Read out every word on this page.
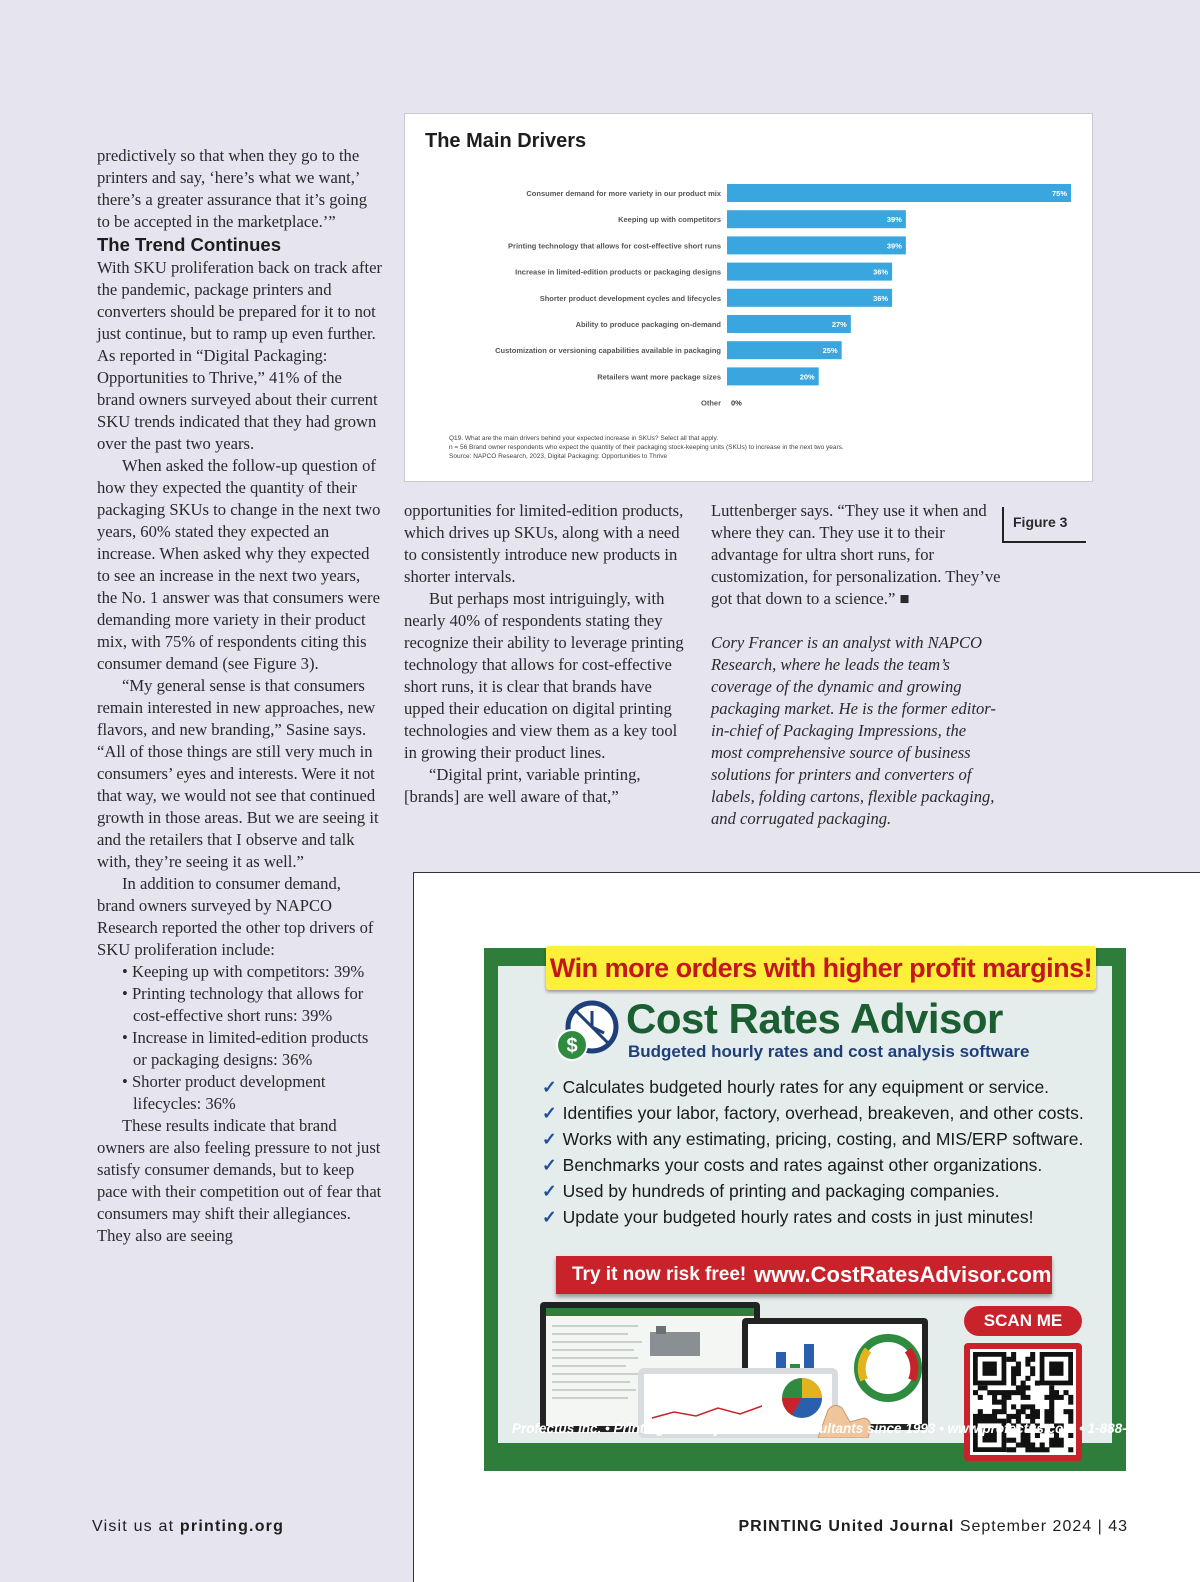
predictively so that when they go to the printers and say, ‘here’s what we want,’ there’s a greater assurance that it’s going to be accepted in the marketplace.’”

The Trend Continues

With SKU proliferation back on track after the pandemic, package printers and converters should be prepared for it to not just continue, but to ramp up even further. As reported in “Digital Packaging: Opportunities to Thrive,” 41% of the brand owners surveyed about their current SKU trends indicated that they had grown over the past two years.

When asked the follow-up question of how they expected the quantity of their packaging SKUs to change in the next two years, 60% stated they expected an increase. When asked why they expected to see an increase in the next two years, the No. 1 answer was that consumers were demanding more variety in their product mix, with 75% of respondents citing this consumer demand (see Figure 3).

“My general sense is that consumers remain interested in new approaches, new flavors, and new branding,” Sasine says. “All of those things are still very much in consumers’ eyes and interests. Were it not that way, we would not see that continued growth in those areas. But we are seeing it and the retailers that I observe and talk with, they’re seeing it as well.”

In addition to consumer demand, brand owners surveyed by NAPCO Research reported the other top drivers of SKU proliferation include:

• Keeping up with competitors: 39%
• Printing technology that allows for cost-effective short runs: 39%
• Increase in limited-edition products or packaging designs: 36%
• Shorter product development lifecycles: 36%

These results indicate that brand owners are also feeling pressure to not just satisfy consumer demands, but to keep pace with their competition out of fear that consumers may shift their allegiances. They also are seeing

opportunities for limited-edition products, which drives up SKUs, along with a need to consistently introduce new products in shorter intervals.

But perhaps most intriguingly, with nearly 40% of respondents stating they recognize their ability to leverage printing technology that allows for cost-effective short runs, it is clear that brands have upped their education on digital printing technologies and view them as a key tool in growing their product lines.

“Digital print, variable printing, [brands] are well aware of that,”

Luttenberger says. “They use it when and where they can. They use it to their advantage for ultra short runs, for customization, for personalization. They’ve got that down to a science.” ■

Cory Francer is an analyst with NAPCO Research, where he leads the team’s coverage of the dynamic and growing packaging market. He is the former editor-in-chief of Packaging Impressions, the most comprehensive source of business solutions for printers and converters of labels, folding cartons, flexible packaging, and corrugated packaging.

Figure 3
The Main Drivers
Consumer demand for more variety in our product mix	75%
Keeping up with competitors	39%
Printing technology that allows for cost-effective short runs	39%
Increase in limited-edition products or packaging designs	36%
Shorter product development cycles and lifecycles	36%
Ability to produce packaging on-demand	27%
Customization or versioning capabilities available in packaging	25%
Retailers want more package sizes	20%
Other 0%
Q19. What are the main drivers behind your expected increase in SKUs? Select all that apply.
n = 56 Brand owner respondents who expect the quantity of their packaging stock-keeping units (SKUs) to increase in the next two years.
Source: NAPCO Research, 2023, Digital Packaging: Opportunities to Thrive
Win more orders with higher profit margins!
$
Cost Rates Advisor
Budgeted hourly rates and cost analysis software
✓ Calculates budgeted hourly rates for any equipment or service.
✓ Identifies your labor, factory, overhead, breakeven, and other costs.
✓ Works with any estimating, pricing, costing, and MIS/ERP software.
✓ Benchmarks your costs and rates against other organizations.
✓ Used by hundreds of printing and packaging companies.
✓ Update your budgeted hourly rates and costs in just minutes!
Try it now risk free! www.CostRatesAdvisor.com
SCAN ME
Profectus Inc. • Printing industry business consultants since 1993 • www.profectus.com • 1-888-868-8662
Visit us at printing.org	PRINTING United Journal September 2024 | 43
